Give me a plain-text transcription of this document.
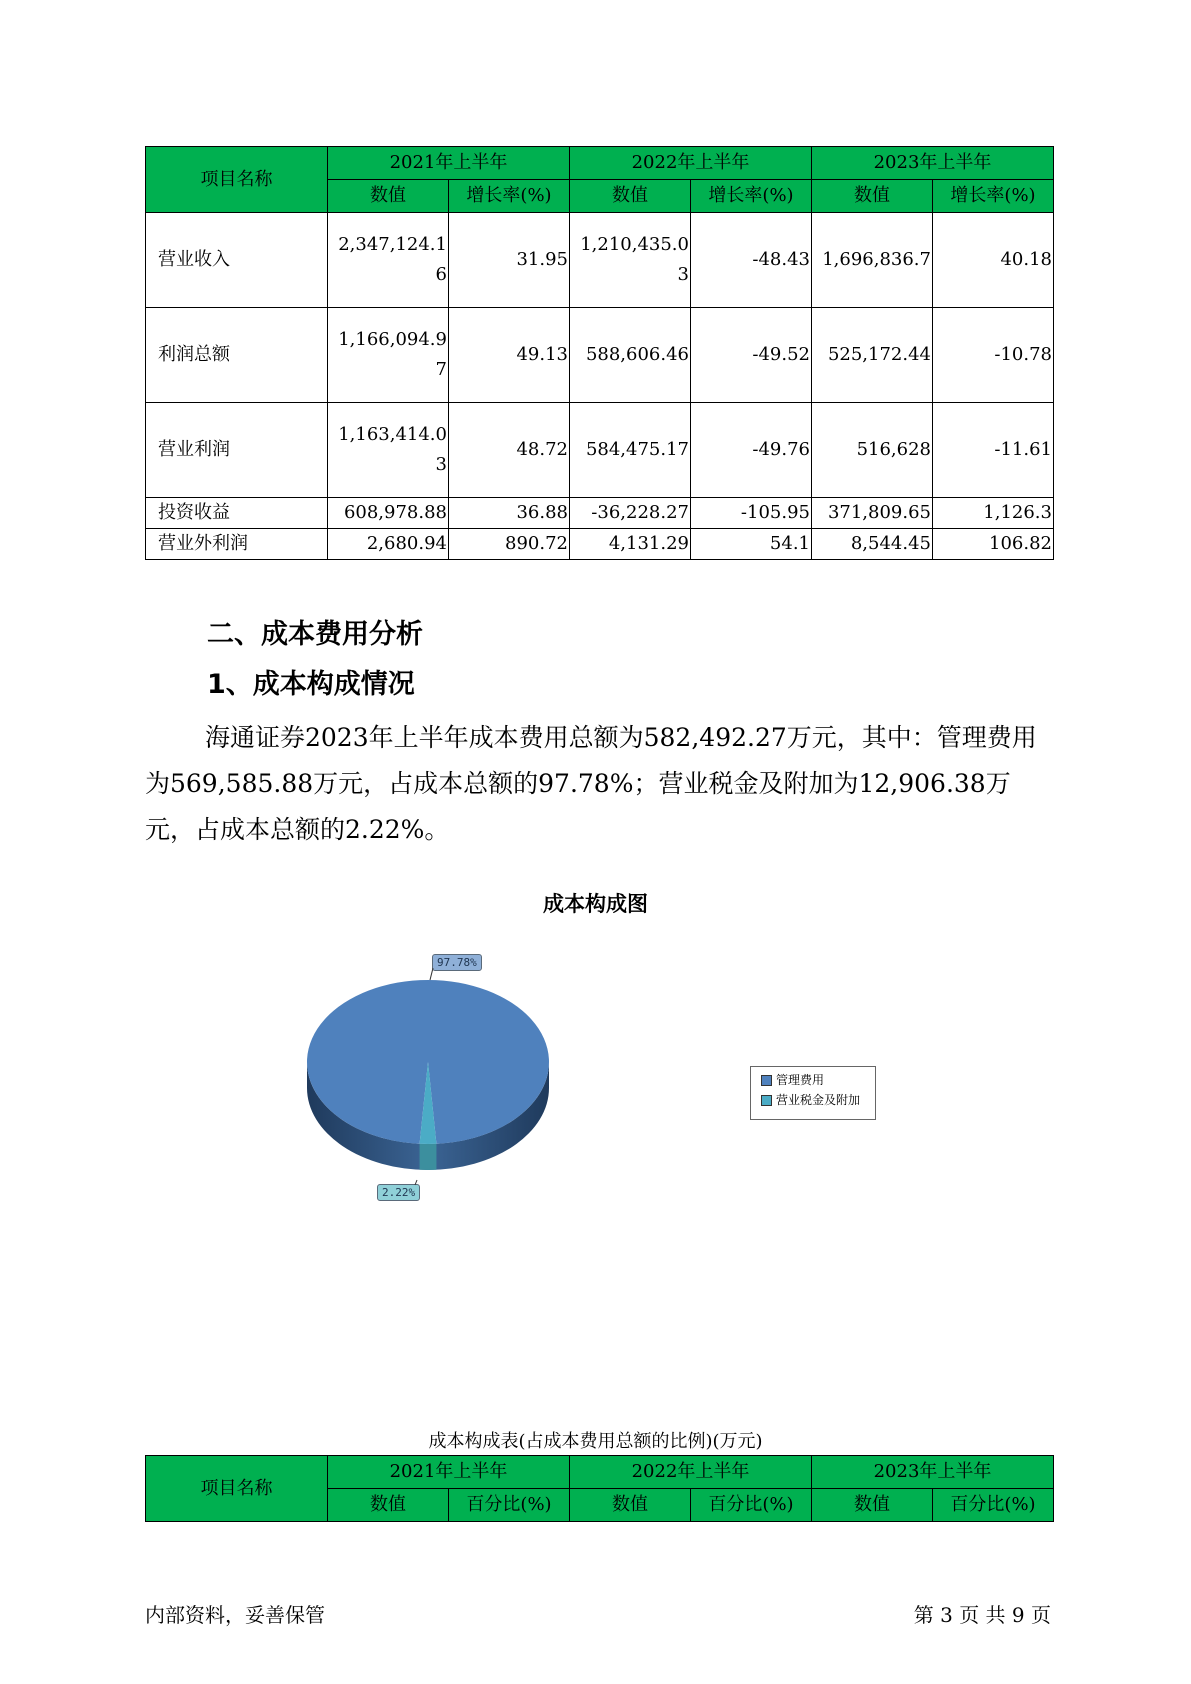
项目名称	2021年上半年		2022年上半年		2023年上半年	
	数值	增长率(%)	数值	增长率(%)	数值	增长率(%)
营业收入	2,347,124.16	31.95	1,210,435.03	-48.43	1,696,836.7	40.18
利润总额	1,166,094.97	49.13	588,606.46	-49.52	525,172.44	-10.78
营业利润	1,163,414.03	48.72	584,475.17	-49.76	516,628	-11.61
投资收益	608,978.88	36.88	-36,228.27	-105.95	371,809.65	1,126.3
营业外利润	2,680.94	890.72	4,131.29	54.1	8,544.45	106.82
二、成本费用分析
1、成本构成情况

海通证券2023年上半年成本费用总额为582,492.27万元，其中：管理费用为569,585.88万元，占成本总额的97.78%；营业税金及附加为12,906.38万元，占成本总额的2.22%。

成本构成图
97.78%
2.22%
管理费用
营业税金及附加
成本构成表(占成本费用总额的比例)(万元)
项目名称	2021年上半年		2022年上半年		2023年上半年	
	数值	百分比(%)	数值	百分比(%)	数值	百分比(%)
内部资料，妥善保管	第 3 页 共 9 页
